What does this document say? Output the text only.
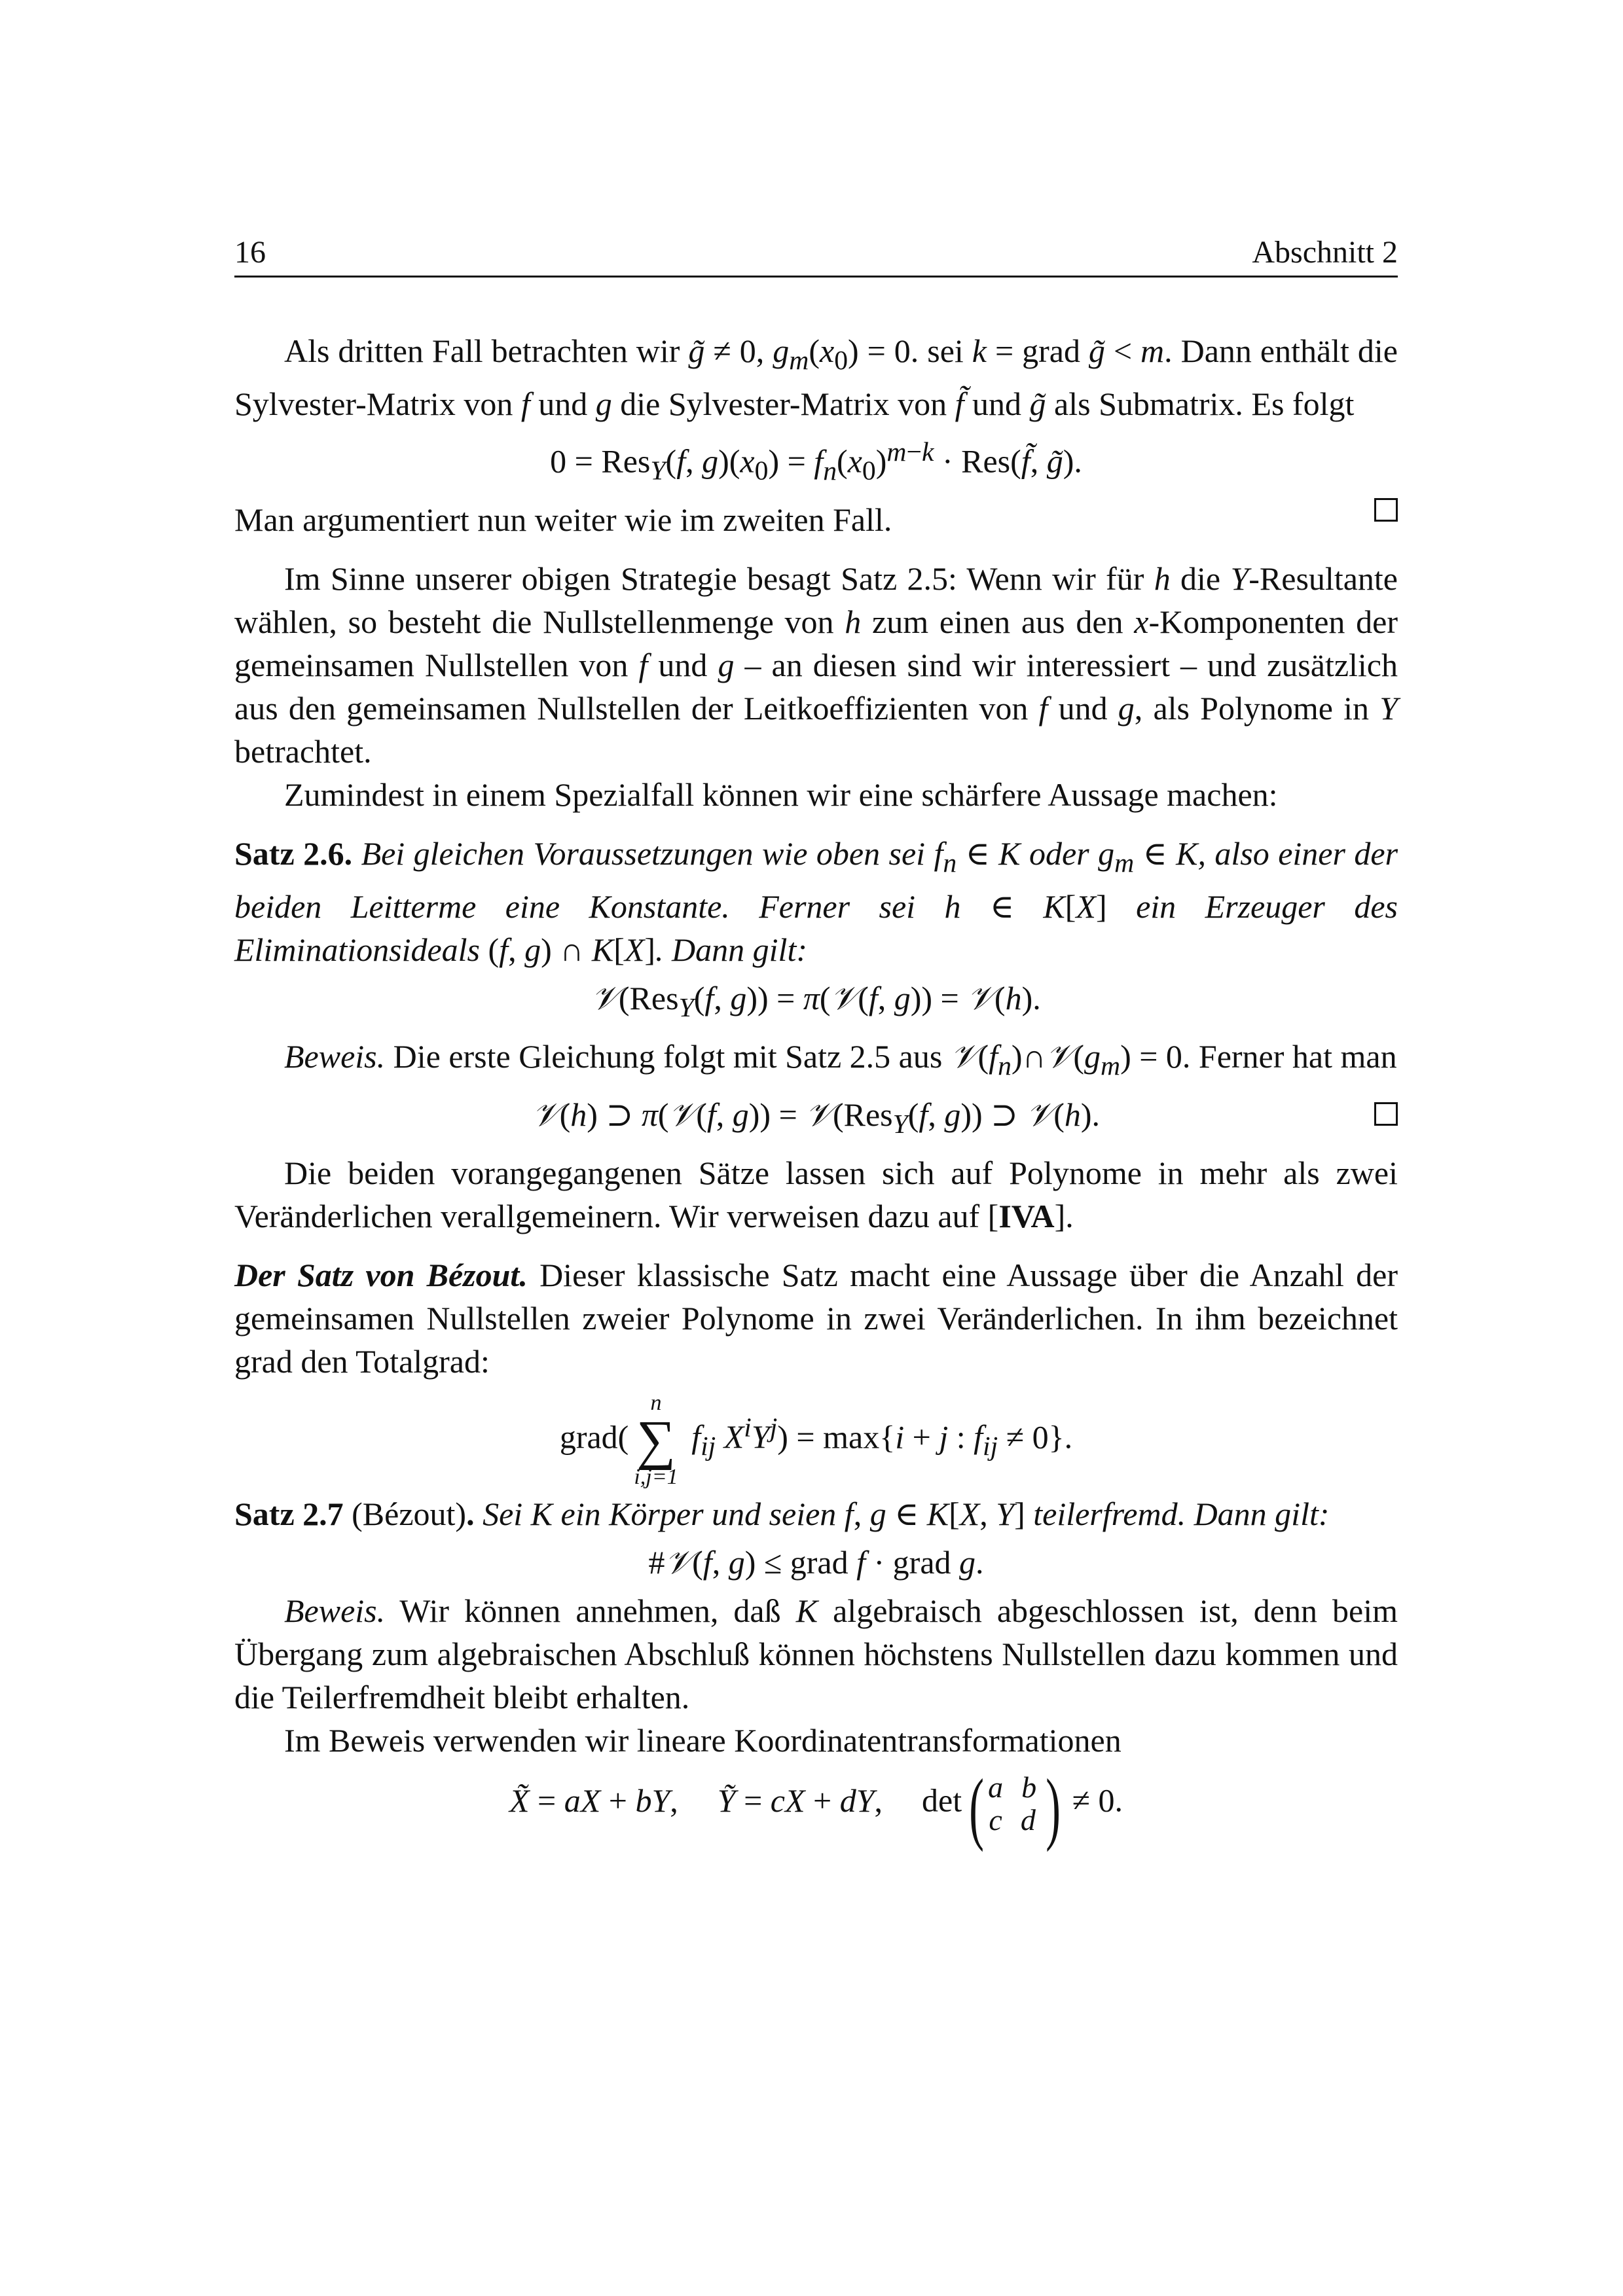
16	Abschnitt 2

Als dritten Fall betrachten wir g̃ ≠ 0, $g_m(x_0) = 0$. sei k = grad g̃ < m. Dann enthält die Sylvester-Matrix von f und g die Sylvester-Matrix von f̃ und g̃ als Submatrix. Es folgt

0 = Res$_Y$(f, $g)(x_0) = f_n(x_0)^{m-k}$ · Res(f̃, g̃).

Man argumentiert nun weiter wie im zweiten Fall.

Im Sinne unserer obigen Strategie besagt Satz 2.5: Wenn wir für h die Y-Resultante wählen, so besteht die Nullstellenmenge von h zum einen aus den x-Komponenten der gemeinsamen Nullstellen von f und g – an diesen sind wir interessiert – und zusätzlich aus den gemeinsamen Nullstellen der Leitkoeffizienten von f und g, als Polynome in Y betrachtet.

Zumindest in einem Spezialfall können wir eine schärfere Aussage machen:

Satz 2.6. Bei gleichen Voraussetzungen wie oben sei $f_n$ ∈ K oder $g_m$ ∈ K, also einer der beiden Leitterme eine Konstante. Ferner sei h ∈ K[X] ein Erzeuger des Eliminationsideals (f, g) ∩ K[X]. Dann gilt:

𝒱(Res$_Y$(f, g)) = π(𝒱(f, g)) = 𝒱(h).

Beweis. Die erste Gleichung folgt mit Satz 2.5 aus $𝒱(f_n)\cap 𝒱(g_m) = 0$. Ferner hat man

𝒱(h) ⊃ π(𝒱(f, g)) = 𝒱(Res$_Y$(f, g)) ⊃ 𝒱(h).

Die beiden vorangegangenen Sätze lassen sich auf Polynome in mehr als zwei Veränderlichen verallgemeinern. Wir verweisen dazu auf [IVA].

Der Satz von Bézout. Dieser klassische Satz macht eine Aussage über die Anzahl der gemeinsamen Nullstellen zweier Polynome in zwei Veränderlichen. In ihm bezeichnet grad den Totalgrad:

grad(
n
∑
i,j=1
$f_{ij}$ $X^iY^j) = \max\{i + j$ : $f_{ij} \ne 0$}.

Satz 2.7 (Bézout). Sei K ein Körper und seien f, g ∈ K[X, Y] teilerfremd. Dann gilt:

#𝒱(f, g) ≤ grad f · grad g.

Beweis. Wir können annehmen, daß K algebraisch abgeschlossen ist, denn beim Übergang zum algebraischen Abschluß können höchstens Nullstellen dazu kommen und die Teilerfremdheit bleibt erhalten.

Im Beweis verwenden wir lineare Koordinatentransformationen

X̃ = aX + bY, Ỹ = cX + dY, det ( a b
c d ) ≠ 0.
